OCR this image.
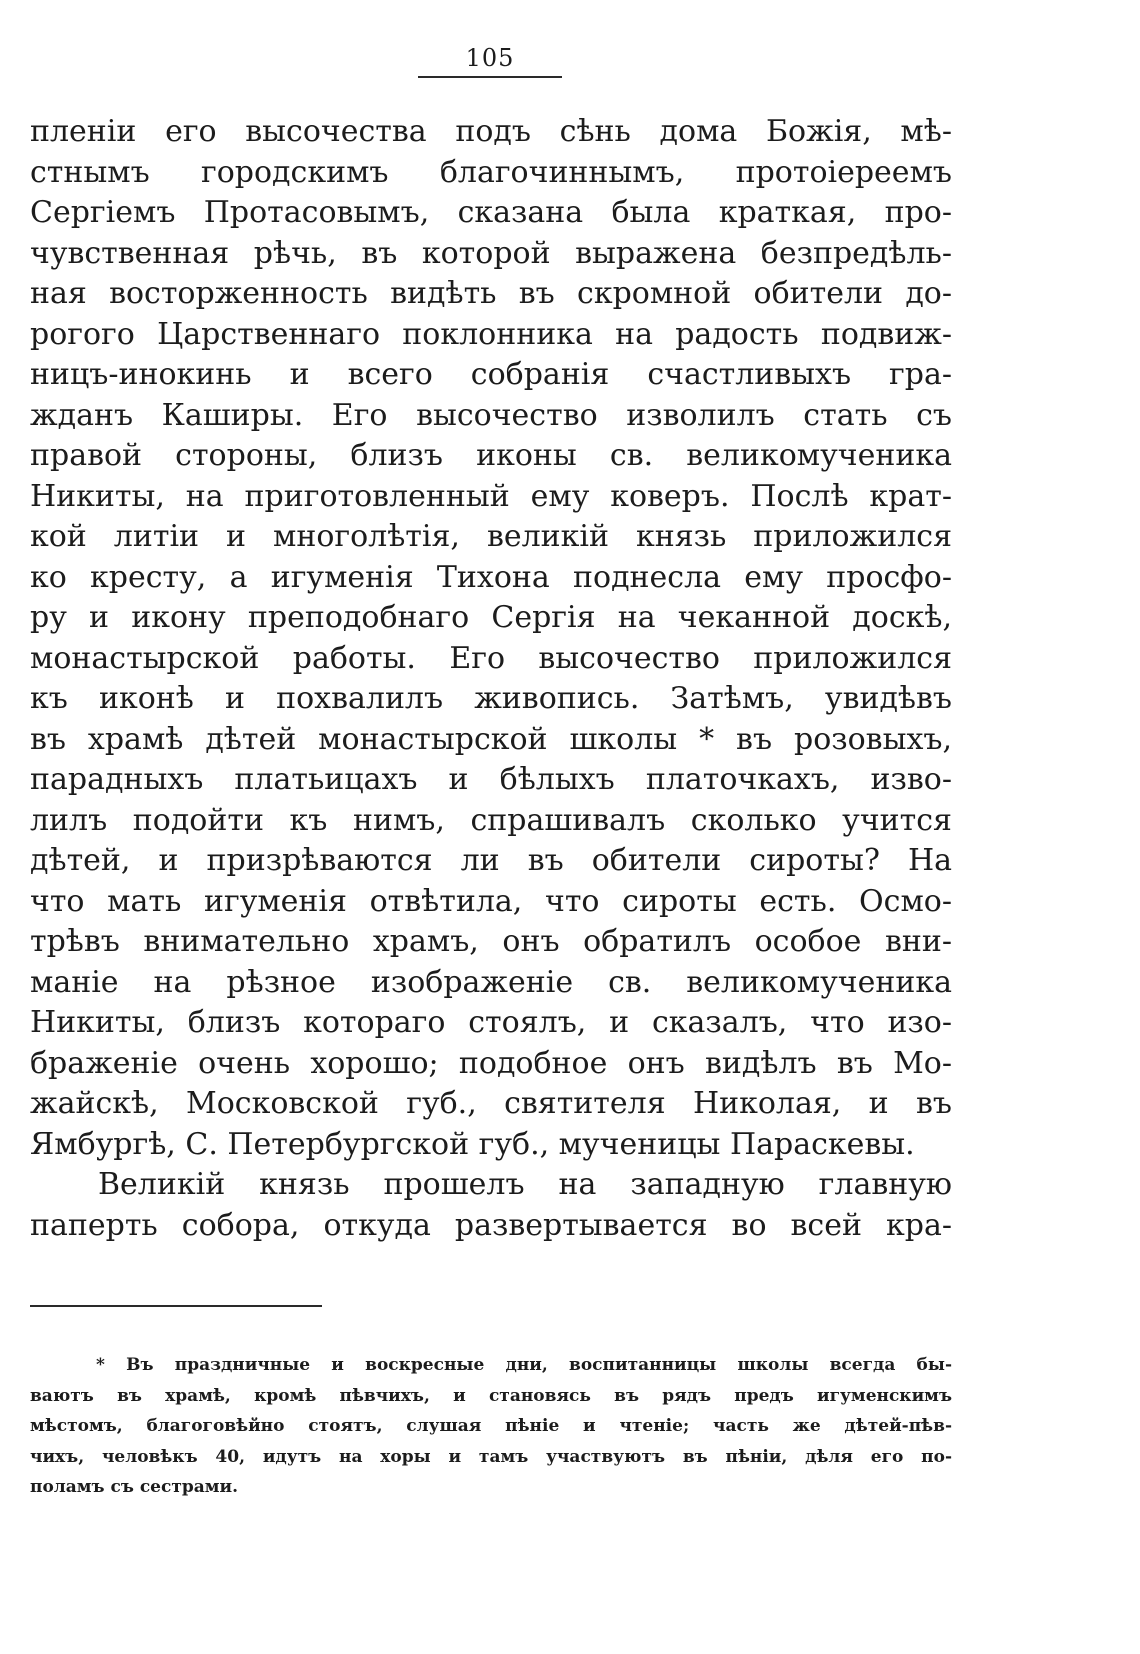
105
пленіи его высочества подъ сѣнь дома Божія, мѣ-
стнымъ городскимъ благочиннымъ, протоіереемъ
Сергіемъ Протасовымъ, сказана была краткая, про-
чувственная рѣчь, въ которой выражена безпредѣль-
ная восторженность видѣть въ скромной обители до-
рогого Царственнаго поклонника на радость подвиж-
ницъ-инокинь и всего собранія счастливыхъ гра-
жданъ Каширы. Его высочество изволилъ стать съ
правой стороны, близъ иконы св. великомученика
Никиты, на приготовленный ему коверъ. Послѣ крат-
кой литіи и многолѣтія, великій князь приложился
ко кресту, а игуменія Тихона поднесла ему просфо-
ру и икону преподобнаго Сергія на чеканной доскѣ,
монастырской работы. Его высочество приложился
къ иконѣ и похвалилъ живопись. Затѣмъ, увидѣвъ
въ храмѣ дѣтей монастырской школы * въ розовыхъ,
парадныхъ платьицахъ и бѣлыхъ платочкахъ, изво-
лилъ подойти къ нимъ, спрашивалъ сколько учится
дѣтей, и призрѣваются ли въ обители сироты? На
что мать игуменія отвѣтила, что сироты есть. Осмо-
трѣвъ внимательно храмъ, онъ обратилъ особое вни-
маніе на рѣзное изображеніе св. великомученика
Никиты, близъ котораго стоялъ, и сказалъ, что изо-
браженіе очень хорошо; подобное онъ видѣлъ въ Мо-
жайскѣ, Московской губ., святителя Николая, и въ
Ямбургѣ, С. Петербургской губ., мученицы Параскевы.
Великій князь прошелъ на западную главную
паперть собора, откуда развертывается во всей кра-
* Въ праздничные и воскресные дни, воспитанницы школы всегда бы-
ваютъ въ храмѣ, кромѣ пѣвчихъ, и становясь въ рядъ предъ игуменскимъ
мѣстомъ, благоговѣйно стоятъ, слушая пѣніе и чтеніе; часть же дѣтей-пѣв-
чихъ, человѣкъ 40, идутъ на хоры и тамъ участвуютъ въ пѣніи, дѣля его по-
поламъ съ сестрами.
